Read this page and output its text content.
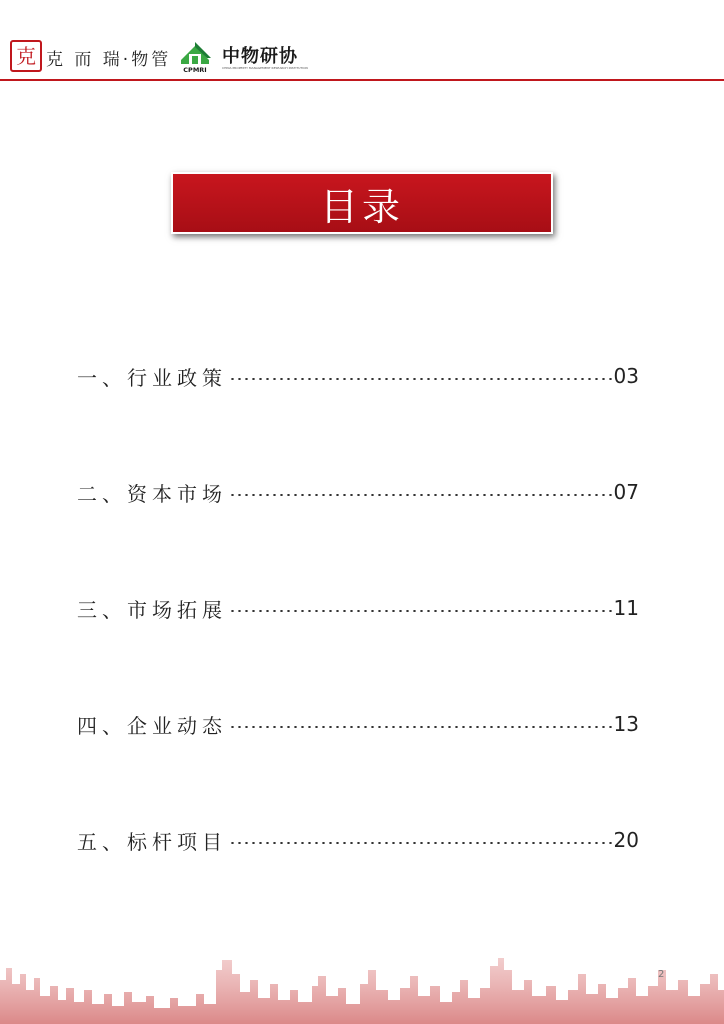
克 克 而 瑞·物管 CPMRI
中物研协
CHINA PROPERTY MANAGEMENT RESEARCH INSTITUTION
目录
一、行业政策	03
二、资本市场	07
三、市场拓展	11
四、企业动态	13
五、标杆项目	20
2
